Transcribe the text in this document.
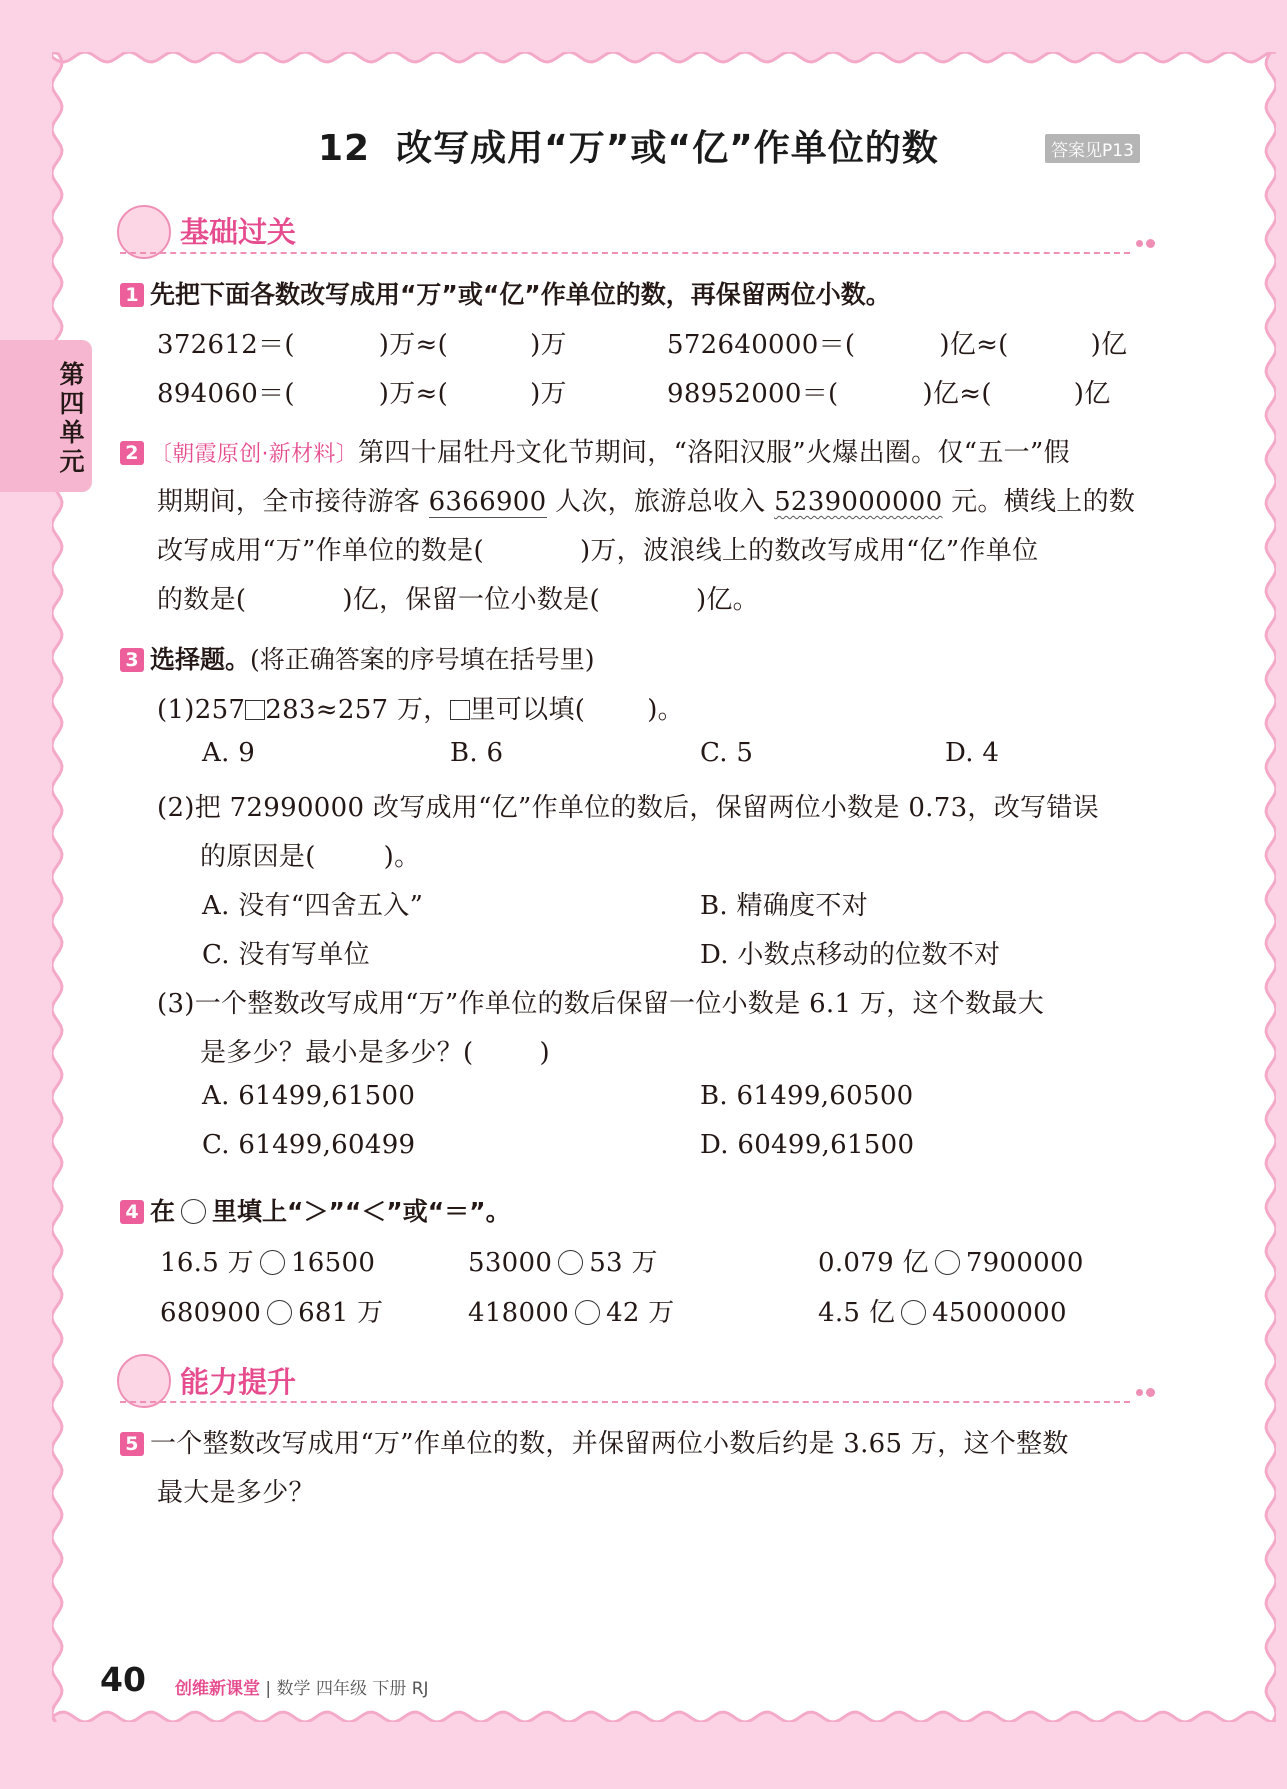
第四单元
12 改写成用“万”或“亿”作单位的数	答案见P13
基础过关
1 先把下面各数改写成用“万”或“亿”作单位的数，再保留两位小数。
372612＝(	)万≈(	)万	572640000＝(	)亿≈(	)亿
894060＝(	)万≈(	)万	98952000＝(	)亿≈(	)亿
2 〔朝霞原创·新材料〕第四十届牡丹文化节期间，“洛阳汉服”火爆出圈。仅“五一”假
期期间，全市接待游客 6366900 人次，旅游总收入 5239000000 元。横线上的数
改写成用“万”作单位的数是(	)万，波浪线上的数改写成用“亿”作单位
的数是(	)亿，保留一位小数是(	)亿。
3 选择题。(将正确答案的序号填在括号里)
(1)257 283≈257 万， 里可以填( )。
A. 9	B. 6	C. 5	D. 4
(2)把 72990000 改写成用“亿”作单位的数后，保留两位小数是 0.73，改写错误
的原因是(	)。
A. 没有“四舍五入”	B. 精确度不对
C. 没有写单位	D. 小数点移动的位数不对
(3)一个整数改写成用“万”作单位的数后保留一位小数是 6.1 万，这个数最大
是多少？最小是多少？(	)
A. 61499,61500	B. 61499,60500
C. 61499,60499	D. 60499,61500
4 在 里填上“＞”“＜”或“＝”。
16.5 万 16500	53000 53 万	0.079 亿 7900000
680900 681 万	418000 42 万	4.5 亿 45000000
能力提升
5 一个整数改写成用“万”作单位的数，并保留两位小数后约是 3.65 万，这个整数
最大是多少？
40 创维新课堂 | 数学 四年级 下册 RJ
